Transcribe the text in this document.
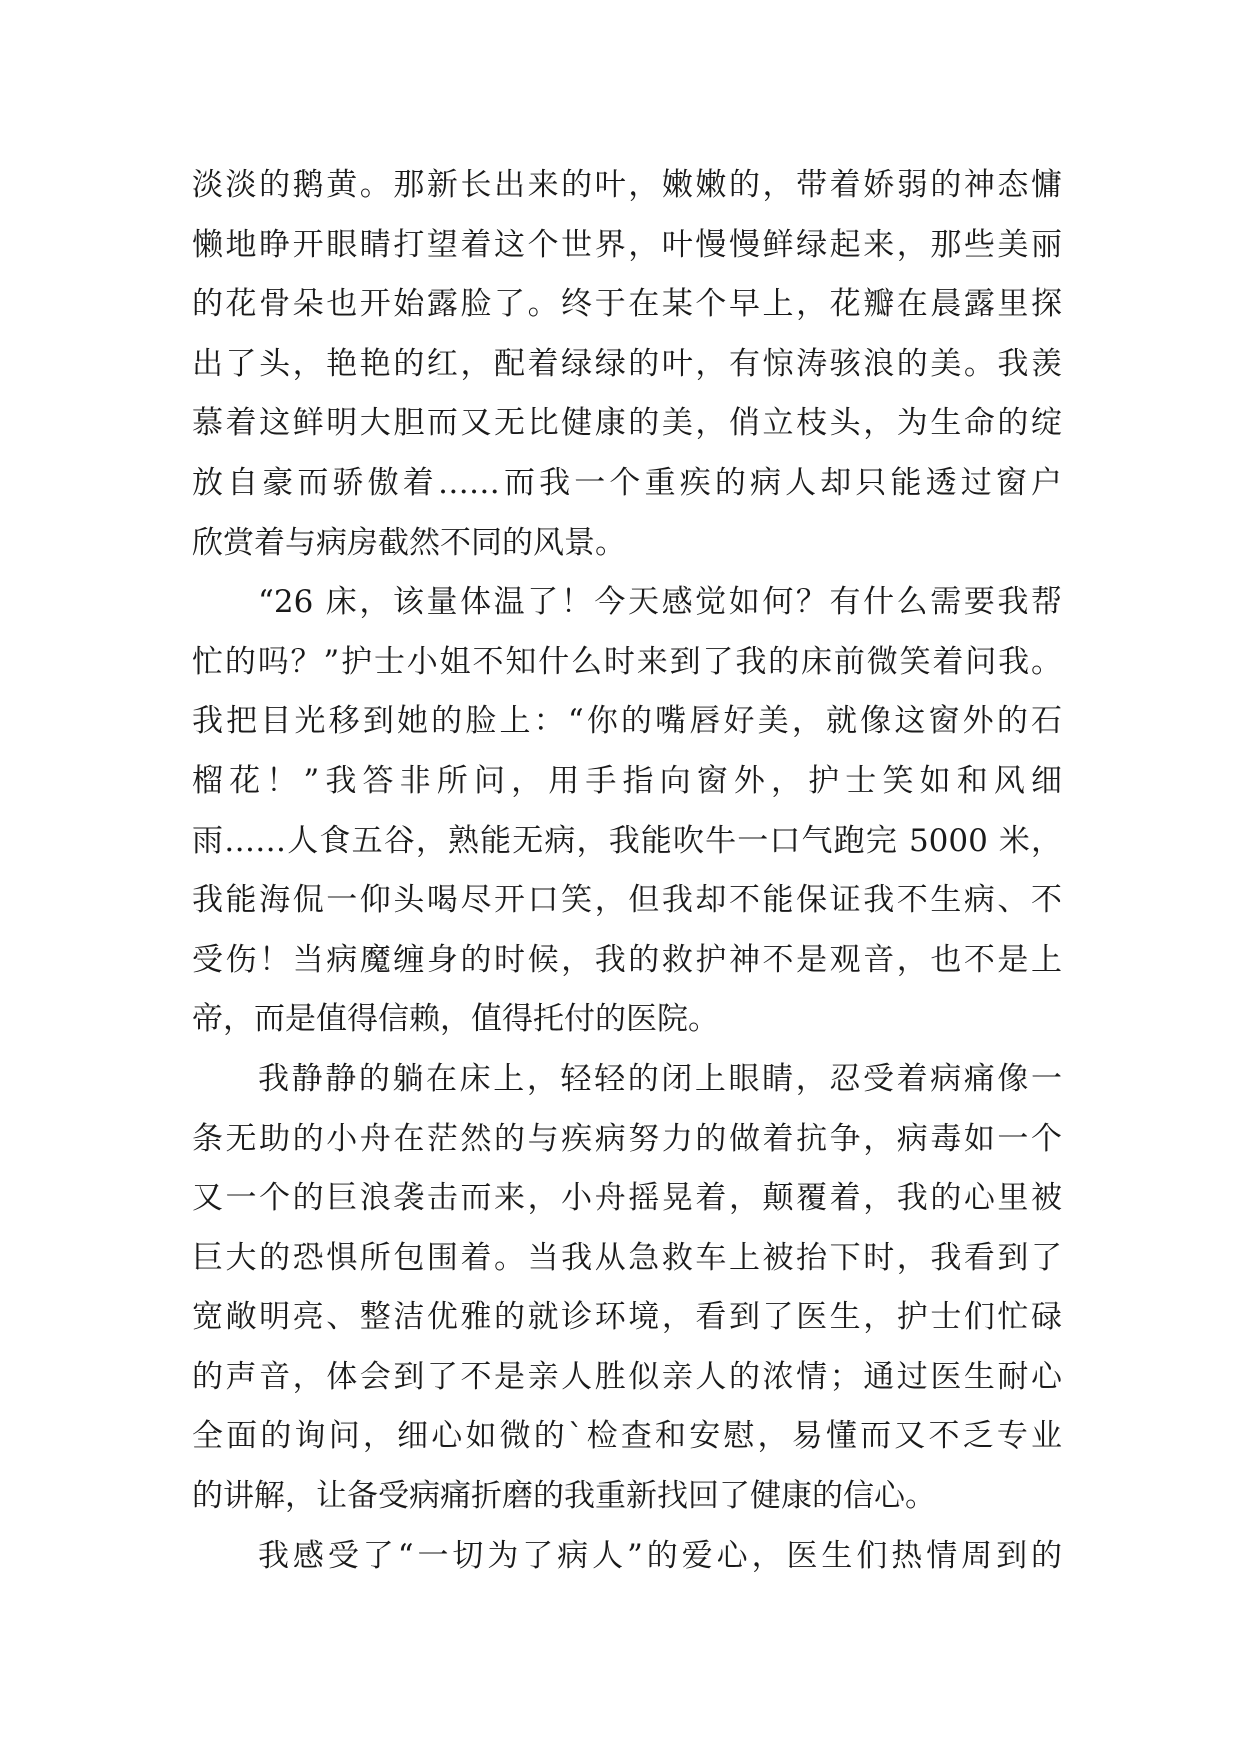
淡淡的鹅黄。那新长出来的叶，嫩嫩的，带着娇弱的神态慵
懒地睁开眼睛打望着这个世界，叶慢慢鲜绿起来，那些美丽
的花骨朵也开始露脸了。终于在某个早上，花瓣在晨露里探
出了头，艳艳的红，配着绿绿的叶，有惊涛骇浪的美。我羡
慕着这鲜明大胆而又无比健康的美，俏立枝头，为生命的绽
放自豪而骄傲着……而我一个重疾的病人却只能透过窗户
欣赏着与病房截然不同的风景。
“26 床，该量体温了！今天感觉如何？有什么需要我帮
忙的吗？”护士小姐不知什么时来到了我的床前微笑着问我。
我把目光移到她的脸上：“你的嘴唇好美，就像这窗外的石
榴花！”我答非所问，用手指向窗外，护士笑如和风细
雨……人食五谷，熟能无病，我能吹牛一口气跑完 5000 米，
我能海侃一仰头喝尽开口笑，但我却不能保证我不生病、不
受伤！当病魔缠身的时候，我的救护神不是观音，也不是上
帝，而是值得信赖，值得托付的医院。
我静静的躺在床上，轻轻的闭上眼睛，忍受着病痛像一
条无助的小舟在茫然的与疾病努力的做着抗争，病毒如一个
又一个的巨浪袭击而来，小舟摇晃着，颠覆着，我的心里被
巨大的恐惧所包围着。当我从急救车上被抬下时，我看到了
宽敞明亮、整洁优雅的就诊环境，看到了医生，护士们忙碌
的声音，体会到了不是亲人胜似亲人的浓情；通过医生耐心
全面的询问，细心如微的`检查和安慰，易懂而又不乏专业
的讲解，让备受病痛折磨的我重新找回了健康的信心。
我感受了“一切为了病人”的爱心，医生们热情周到的
